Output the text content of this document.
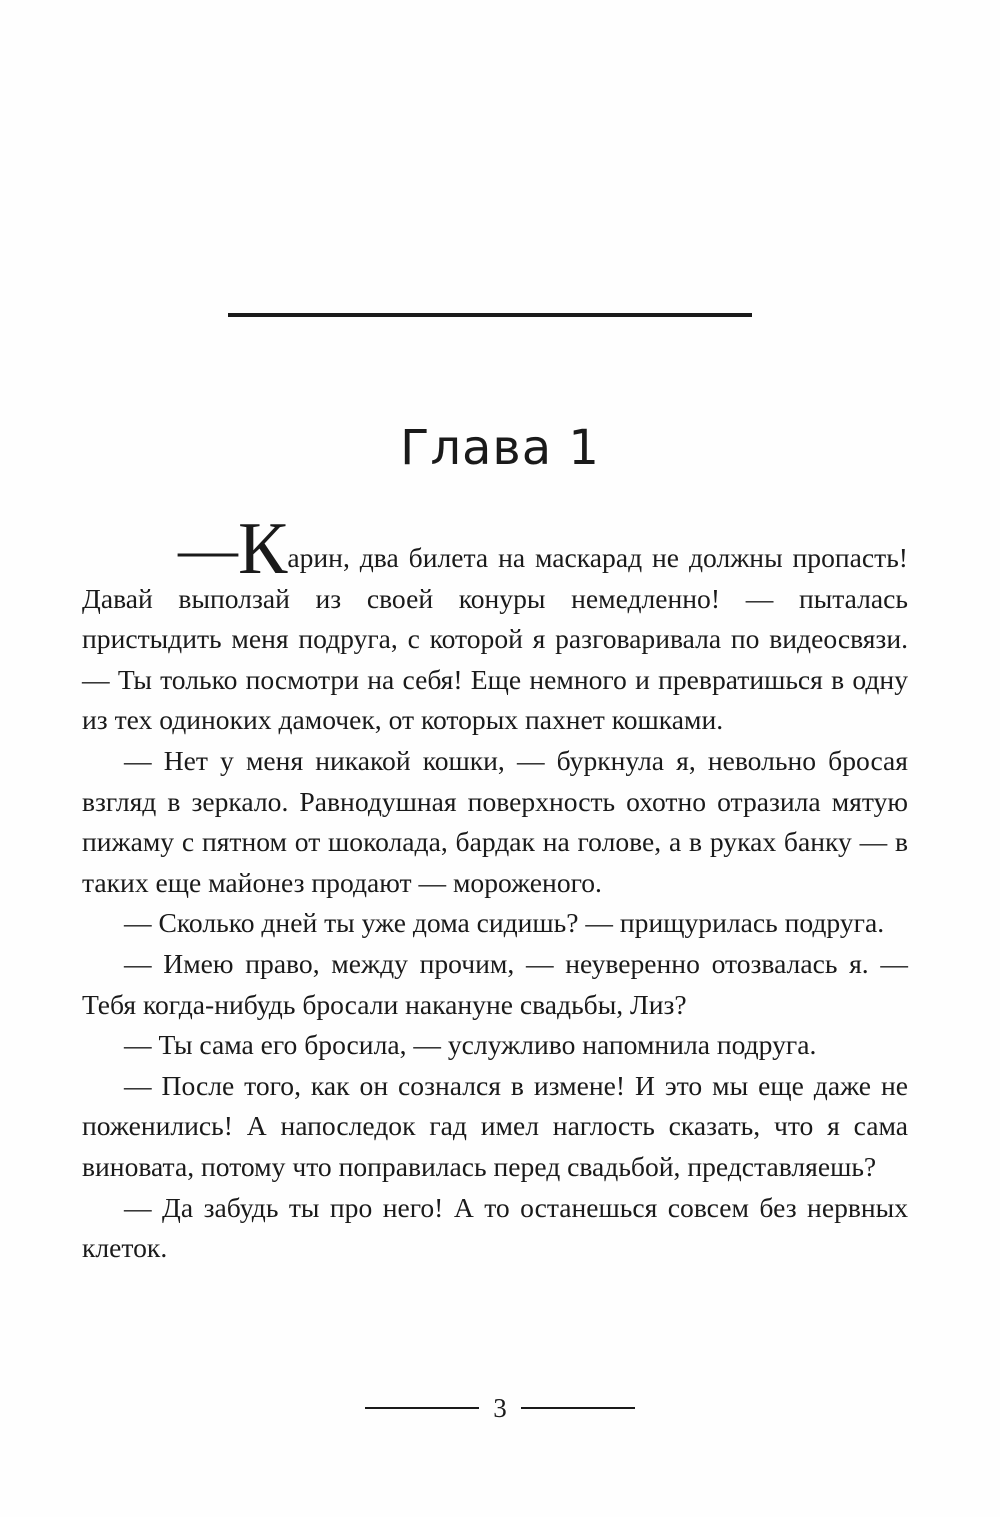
Глава 1

—Карин, два билета на маскарад не должны пропасть! Давай выползай из своей конуры немедленно! — пыталась пристыдить меня подруга, с которой я разговаривала по видеосвязи. — Ты только посмотри на себя! Еще немного и превратишься в одну из тех одиноких дамочек, от которых пахнет кошками.

— Нет у меня никакой кошки, — буркнула я, невольно бросая взгляд в зеркало. Равнодушная поверхность охотно отразила мятую пижаму с пятном от шоколада, бардак на голове, а в руках банку — в таких еще майонез продают — мороженого.

— Сколько дней ты уже дома сидишь? — прищурилась подруга.

— Имею право, между прочим, — неуверенно отозвалась я. — Тебя когда-нибудь бросали накануне свадьбы, Лиз?

— Ты сама его бросила, — услужливо напомнила подруга.

— После того, как он сознался в измене! И это мы еще даже не поженились! А напоследок гад имел наглость сказать, что я сама виновата, потому что поправилась перед свадьбой, представляешь?

— Да забудь ты про него! А то останешься совсем без нервных клеток.

3
